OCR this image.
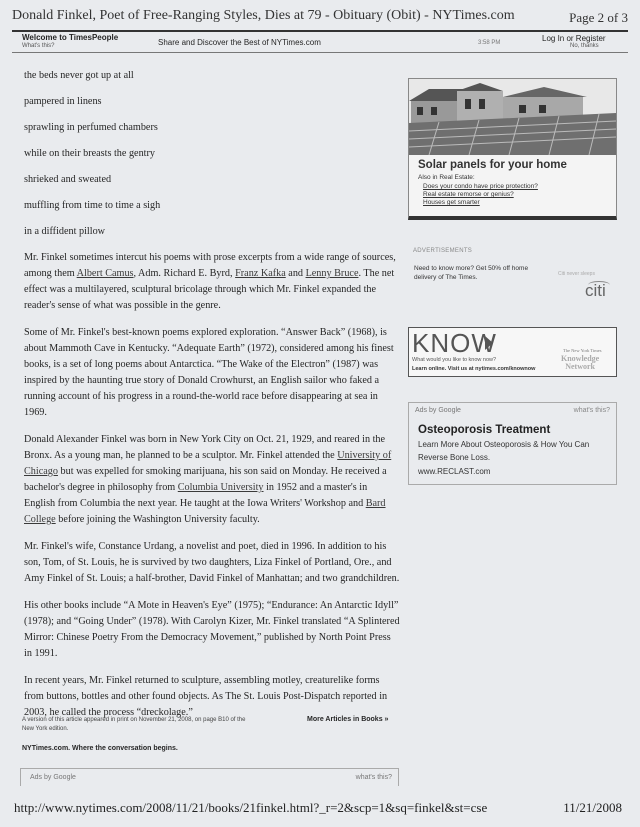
Donald Finkel, Poet of Free-Ranging Styles, Dies at 79 - Obituary (Obit) - NYTimes.com	Page 2 of 3
Welcome to TimesPeople
What's this?	Share and Discover the Best of NYTimes.com	3:58 PM	Log In or Register
No, thanks
the beds never got up at all
pampered in linens
sprawling in perfumed chambers
while on their breasts the gentry
shrieked and sweated
muffling from time to time a sigh
in a diffident pillow

Mr. Finkel sometimes intercut his poems with prose excerpts from a wide range of sources, among them Albert Camus, Adm. Richard E. Byrd, Franz Kafka and Lenny Bruce. The net effect was a multilayered, sculptural bricolage through which Mr. Finkel expanded the reader's sense of what was possible in the genre.

Some of Mr. Finkel's best-known poems explored exploration. “Answer Back” (1968), is about Mammoth Cave in Kentucky. “Adequate Earth” (1972), considered among his finest books, is a set of long poems about Antarctica. “The Wake of the Electron” (1987) was inspired by the haunting true story of Donald Crowhurst, an English sailor who faked a running account of his progress in a round-the-world race before disappearing at sea in 1969.

Donald Alexander Finkel was born in New York City on Oct. 21, 1929, and reared in the Bronx. As a young man, he planned to be a sculptor. Mr. Finkel attended the University of Chicago but was expelled for smoking marijuana, his son said on Monday. He received a bachelor's degree in philosophy from Columbia University in 1952 and a master's in English from Columbia the next year. He taught at the Iowa Writers' Workshop and Bard College before joining the Washington University faculty.

Mr. Finkel's wife, Constance Urdang, a novelist and poet, died in 1996. In addition to his son, Tom, of St. Louis, he is survived by two daughters, Liza Finkel of Portland, Ore., and Amy Finkel of St. Louis; a half-brother, David Finkel of Manhattan; and two grandchildren.

His other books include “A Mote in Heaven's Eye” (1975); “Endurance: An Antarctic Idyll” (1978); and “Going Under” (1978). With Carolyn Kizer, Mr. Finkel translated “A Splintered Mirror: Chinese Poetry From the Democracy Movement,” published by North Point Press in 1991.

In recent years, Mr. Finkel returned to sculpture, assembling motley, creaturelike forms from buttons, bottles and other found objects. As The St. Louis Post-Dispatch reported in 2003, he called the process “dreckolage.”

A version of this article appeared in print on November 21, 2008, on page B10 of the New York edition.
More Articles in Books »
NYTimes.com. Where the conversation begins.
Ads by Google	what's this?
Solar panels for your home
Also in Real Estate:
Does your condo have price protection?
Real estate remorse or genius?
Houses get smarter
ADVERTISEMENTS
Need to know more? Get 50% off home delivery of The Times.	Citi never sleeps
citi
KNOW
What would you like to know now?
Learn online. Visit us at nytimes.com/knownow
The New York Times
Knowledge
Network
Ads by Google	what's this?
Osteoporosis Treatment
Learn More About Osteoporosis & How You Can Reverse Bone Loss.
www.RECLAST.com
http://www.nytimes.com/2008/11/21/books/21finkel.html?_r=2&scp=1&sq=finkel&st=cse	11/21/2008
